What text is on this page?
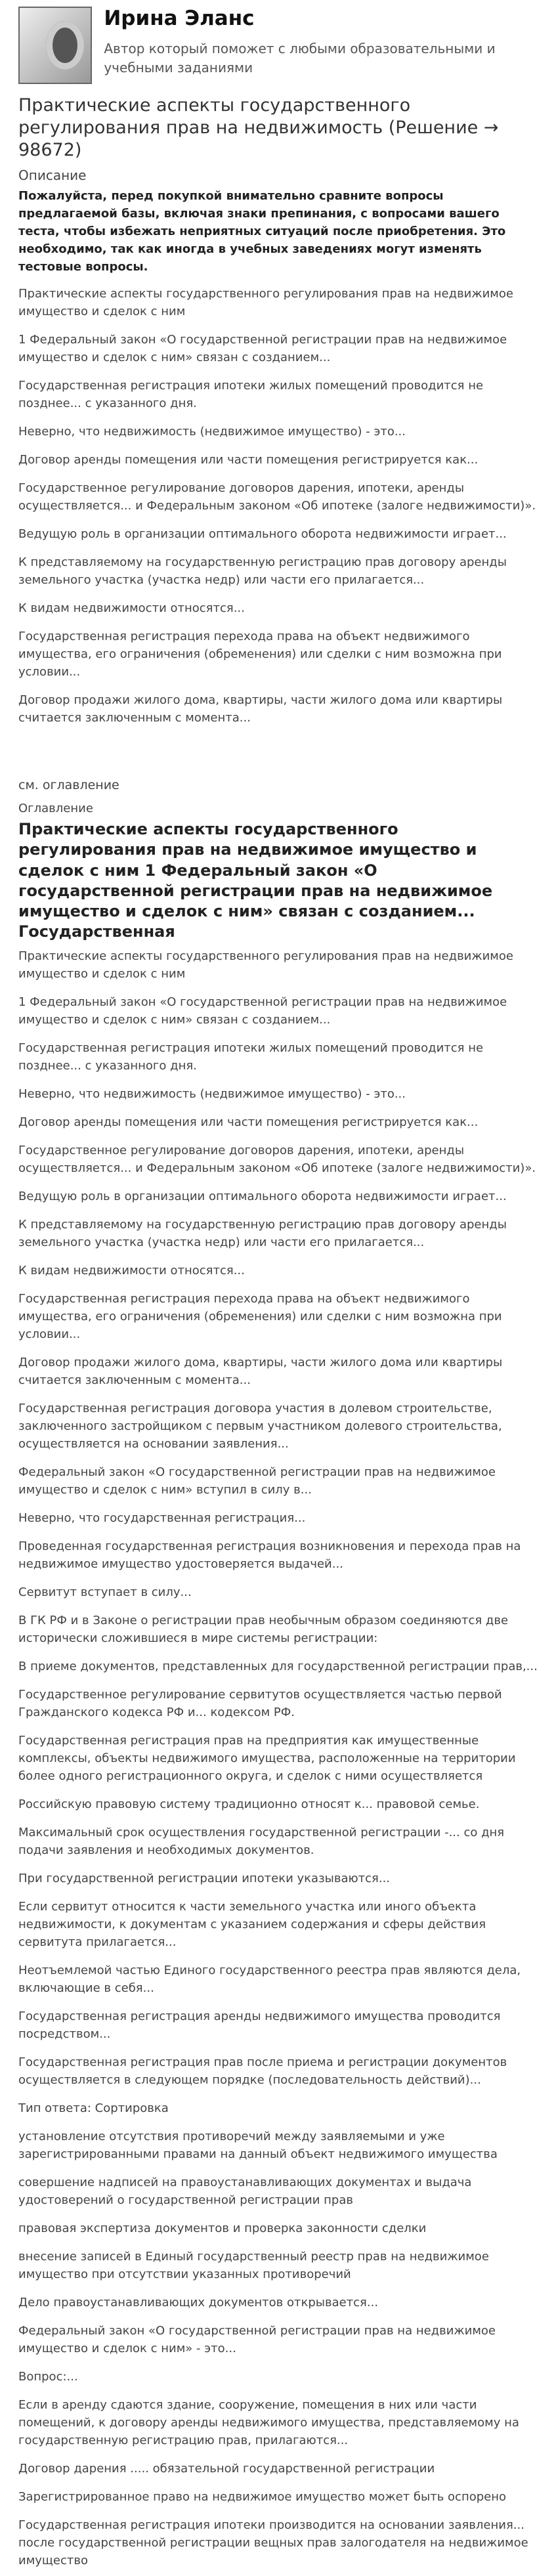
Ирина Эланс

Автор который поможет с любыми образовательными и учебными заданиями

Практические аспекты государственного регулирования прав на недвижимость (Решение → 98672)
Описание
Пожалуйста, перед покупкой внимательно сравните вопросы предлагаемой базы, включая знаки препинания, с вопросами вашего теста, чтобы избежать неприятных ситуаций после приобретения. Это необходимо, так как иногда в учебных заведениях могут изменять тестовые вопросы.
Практические аспекты государственного регулирования прав на недвижимое имущество и сделок с ним
1 Федеральный закон «О государственной регистрации прав на недвижимое имущество и сделок с ним» связан с созданием...
Государственная регистрация ипотеки жилых помещений проводится не позднее... с указанного дня.
Неверно, что недвижимость (недвижимое имущество) - это...
Договор аренды помещения или части помещения регистрируется как...
Государственное регулирование договоров дарения, ипотеки, аренды осуществляется... и Федеральным законом «Об ипотеке (залоге недвижимости)».
Ведущую роль в организации оптимального оборота недвижимости играет...
К представляемому на государственную регистрацию прав договору аренды земельного участка (участка недр) или части его прилагается...
К видам недвижимости относятся...
Государственная регистрация перехода права на объект недвижимого имущества, его ограничения (обременения) или сделки с ним возможна при условии...
Договор продажи жилого дома, квартиры, части жилого дома или квартиры считается заключенным с момента...
см. оглавление
Оглавление
Практические аспекты государственного регулирования прав на недвижимое имущество и сделок с ним 1 Федеральный закон «О государственной регистрации прав на недвижимое имущество и сделок с ним» связан с созданием... Государственная
Практические аспекты государственного регулирования прав на недвижимое имущество и сделок с ним
1 Федеральный закон «О государственной регистрации прав на недвижимое имущество и сделок с ним» связан с созданием...
Государственная регистрация ипотеки жилых помещений проводится не позднее... с указанного дня.
Неверно, что недвижимость (недвижимое имущество) - это...
Договор аренды помещения или части помещения регистрируется как...
Государственное регулирование договоров дарения, ипотеки, аренды осуществляется... и Федеральным законом «Об ипотеке (залоге недвижимости)».
Ведущую роль в организации оптимального оборота недвижимости играет...
К представляемому на государственную регистрацию прав договору аренды земельного участка (участка недр) или части его прилагается...
К видам недвижимости относятся...
Государственная регистрация перехода права на объект недвижимого имущества, его ограничения (обременения) или сделки с ним возможна при условии...
Договор продажи жилого дома, квартиры, части жилого дома или квартиры считается заключенным с момента...
Государственная регистрация договора участия в долевом строительстве, заключенного застройщиком с первым участником долевого строительства, осуществляется на основании заявления...
Федеральный закон «О государственной регистрации прав на недвижимое имущество и сделок с ним» вступил в силу в...
Неверно, что государственная регистрация...
Проведенная государственная регистрация возникновения и перехода прав на недвижимое имущество удостоверяется выдачей...
Сервитут вступает в силу...
В ГК РФ и в Законе о регистрации прав необычным образом соединяются две исторически сложившиеся в мире системы регистрации:
В приеме документов, представленных для государственной регистрации прав,...
Государственное регулирование сервитутов осуществляется частью первой Гражданского кодекса РФ и... кодексом РФ.
Государственная регистрация прав на предприятия как имущественные комплексы, объекты недвижимого имущества, расположенные на территории более одного регистрационного округа, и сделок с ними осуществляется
Российскую правовую систему традиционно относят к... правовой семье.
Максимальный срок осуществления государственной регистрации -... со дня подачи заявления и необходимых документов.
При государственной регистрации ипотеки указываются...
Если сервитут относится к части земельного участка или иного объекта недвижимости, к документам с указанием содержания и сферы действия сервитута прилагается...
Неотъемлемой частью Единого государственного реестра прав являются дела, включающие в себя...
Государственная регистрация аренды недвижимого имущества проводится посредством...
Государственная регистрация прав после приема и регистрации документов осуществляется в следующем порядке (последовательность действий)...
Тип ответа: Сортировка
установление отсутствия противоречий между заявляемыми и уже зарегистрированными правами на данный объект недвижимого имущества
совершение надписей на правоустанавливающих документах и выдача удостоверений о государственной регистрации прав
правовая экспертиза документов и проверка законности сделки
внесение записей в Единый государственный реестр прав на недвижимое имущество при отсутствии указанных противоречий
Дело правоустанавливающих документов открывается...
Федеральный закон «О государственной регистрации прав на недвижимое имущество и сделок с ним» - это...
Вопрос:...
Если в аренду сдаются здание, сооружение, помещения в них или части помещений, к договору аренды недвижимого имущества, представляемому на государственную регистрацию прав, прилагаются...
Договор дарения ..... обязательной государственной регистрации
Зарегистрированное право на недвижимое имущество может быть оспорено
Государственная регистрация ипотеки производится на основании заявления... после государственной регистрации вещных прав залогодателя на недвижимое имущество
